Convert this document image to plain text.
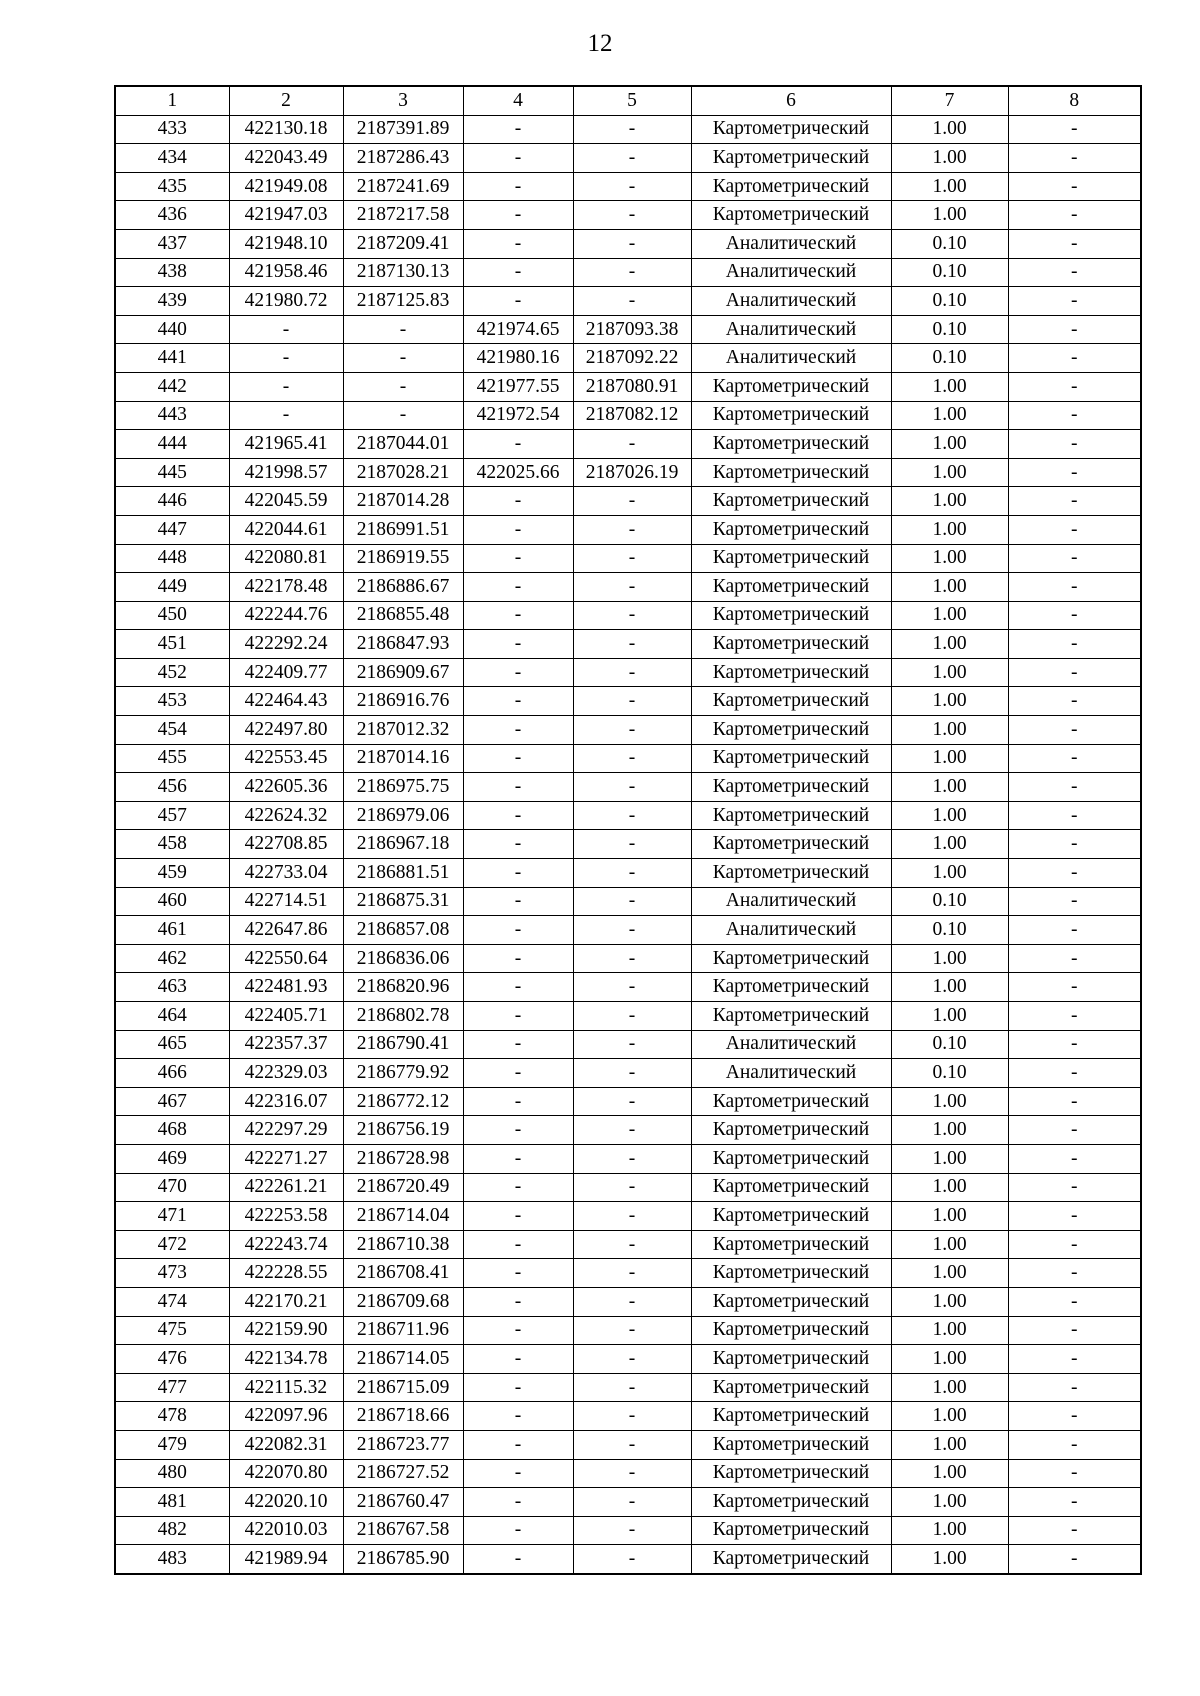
12
1	2	3	4	5	6	7	8
433	422130.18	2187391.89	-	-	Картометрический	1.00	-
434	422043.49	2187286.43	-	-	Картометрический	1.00	-
435	421949.08	2187241.69	-	-	Картометрический	1.00	-
436	421947.03	2187217.58	-	-	Картометрический	1.00	-
437	421948.10	2187209.41	-	-	Аналитический	0.10	-
438	421958.46	2187130.13	-	-	Аналитический	0.10	-
439	421980.72	2187125.83	-	-	Аналитический	0.10	-
440	-	-	421974.65	2187093.38	Аналитический	0.10	-
441	-	-	421980.16	2187092.22	Аналитический	0.10	-
442	-	-	421977.55	2187080.91	Картометрический	1.00	-
443	-	-	421972.54	2187082.12	Картометрический	1.00	-
444	421965.41	2187044.01	-	-	Картометрический	1.00	-
445	421998.57	2187028.21	422025.66	2187026.19	Картометрический	1.00	-
446	422045.59	2187014.28	-	-	Картометрический	1.00	-
447	422044.61	2186991.51	-	-	Картометрический	1.00	-
448	422080.81	2186919.55	-	-	Картометрический	1.00	-
449	422178.48	2186886.67	-	-	Картометрический	1.00	-
450	422244.76	2186855.48	-	-	Картометрический	1.00	-
451	422292.24	2186847.93	-	-	Картометрический	1.00	-
452	422409.77	2186909.67	-	-	Картометрический	1.00	-
453	422464.43	2186916.76	-	-	Картометрический	1.00	-
454	422497.80	2187012.32	-	-	Картометрический	1.00	-
455	422553.45	2187014.16	-	-	Картометрический	1.00	-
456	422605.36	2186975.75	-	-	Картометрический	1.00	-
457	422624.32	2186979.06	-	-	Картометрический	1.00	-
458	422708.85	2186967.18	-	-	Картометрический	1.00	-
459	422733.04	2186881.51	-	-	Картометрический	1.00	-
460	422714.51	2186875.31	-	-	Аналитический	0.10	-
461	422647.86	2186857.08	-	-	Аналитический	0.10	-
462	422550.64	2186836.06	-	-	Картометрический	1.00	-
463	422481.93	2186820.96	-	-	Картометрический	1.00	-
464	422405.71	2186802.78	-	-	Картометрический	1.00	-
465	422357.37	2186790.41	-	-	Аналитический	0.10	-
466	422329.03	2186779.92	-	-	Аналитический	0.10	-
467	422316.07	2186772.12	-	-	Картометрический	1.00	-
468	422297.29	2186756.19	-	-	Картометрический	1.00	-
469	422271.27	2186728.98	-	-	Картометрический	1.00	-
470	422261.21	2186720.49	-	-	Картометрический	1.00	-
471	422253.58	2186714.04	-	-	Картометрический	1.00	-
472	422243.74	2186710.38	-	-	Картометрический	1.00	-
473	422228.55	2186708.41	-	-	Картометрический	1.00	-
474	422170.21	2186709.68	-	-	Картометрический	1.00	-
475	422159.90	2186711.96	-	-	Картометрический	1.00	-
476	422134.78	2186714.05	-	-	Картометрический	1.00	-
477	422115.32	2186715.09	-	-	Картометрический	1.00	-
478	422097.96	2186718.66	-	-	Картометрический	1.00	-
479	422082.31	2186723.77	-	-	Картометрический	1.00	-
480	422070.80	2186727.52	-	-	Картометрический	1.00	-
481	422020.10	2186760.47	-	-	Картометрический	1.00	-
482	422010.03	2186767.58	-	-	Картометрический	1.00	-
483	421989.94	2186785.90	-	-	Картометрический	1.00	-
